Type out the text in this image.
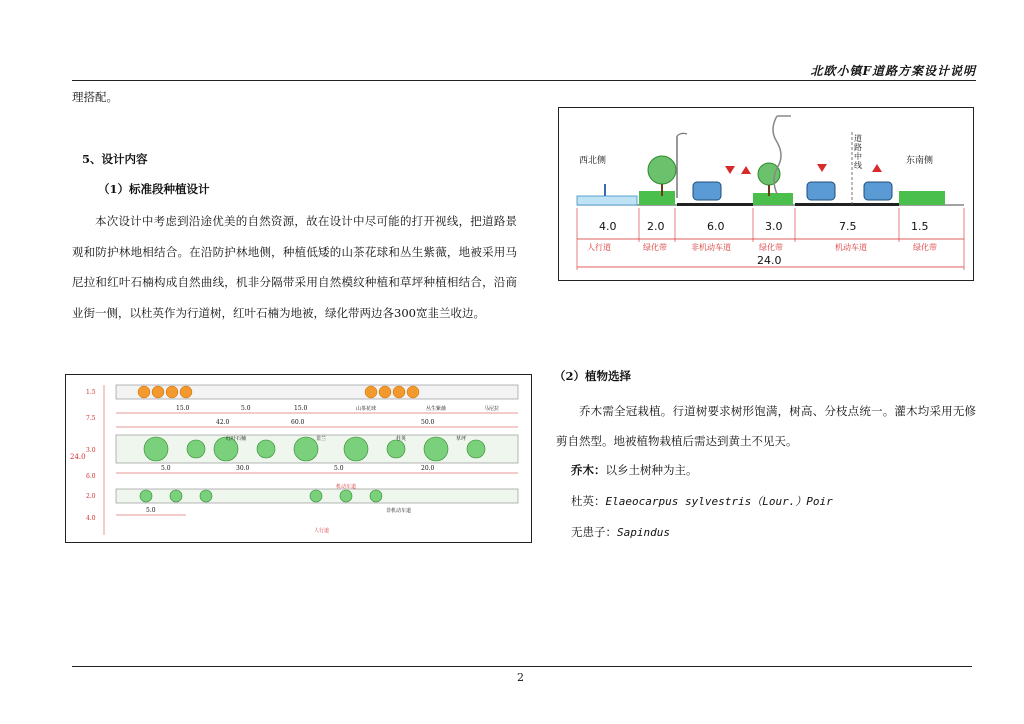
北欧小镇F道路方案设计说明
理搭配。
5、设计内容
（1）标准段种植设计
本次设计中考虑到沿途优美的自然资源，故在设计中尽可能的打开视线，把道路景观和防护林地相结合。在沿防护林地侧，种植低矮的山茶花球和丛生紫薇，地被采用马尼拉和红叶石楠构成自然曲线，机非分隔带采用自然模纹种植和草坪种植相结合，沿商业街一侧，以杜英作为行道树，红叶石楠为地被，绿化带两边各300宽韭兰收边。
西北侧	东南侧
道路中线
4.0	2.0	6.0	3.0	7.5	1.5
人行道	绿化带	非机动车道	绿化带	机动车道	绿化带
24.0
（2）植物选择
乔木需全冠栽植。行道树要求树形饱满，树高、分枝点统一。灌木均采用无修剪自然型。地被植物栽植后需达到黄土不见天。
乔木：以乡土树种为主。
杜英：Elaeocarpus sylvestris（Lour.）Poir
无患子：Sapindus
24.0
1.5
7.5
3.0
6.0
2.0
4.0
15.0	5.0	15.0
42.0	60.0	50.0
5.0	30.0	5.0	20.0
5.0
山茶花球	丛生紫薇	马尼拉
红叶石楠	韭兰	杜英	草坪
人行道
机动车道
非机动车道
2
